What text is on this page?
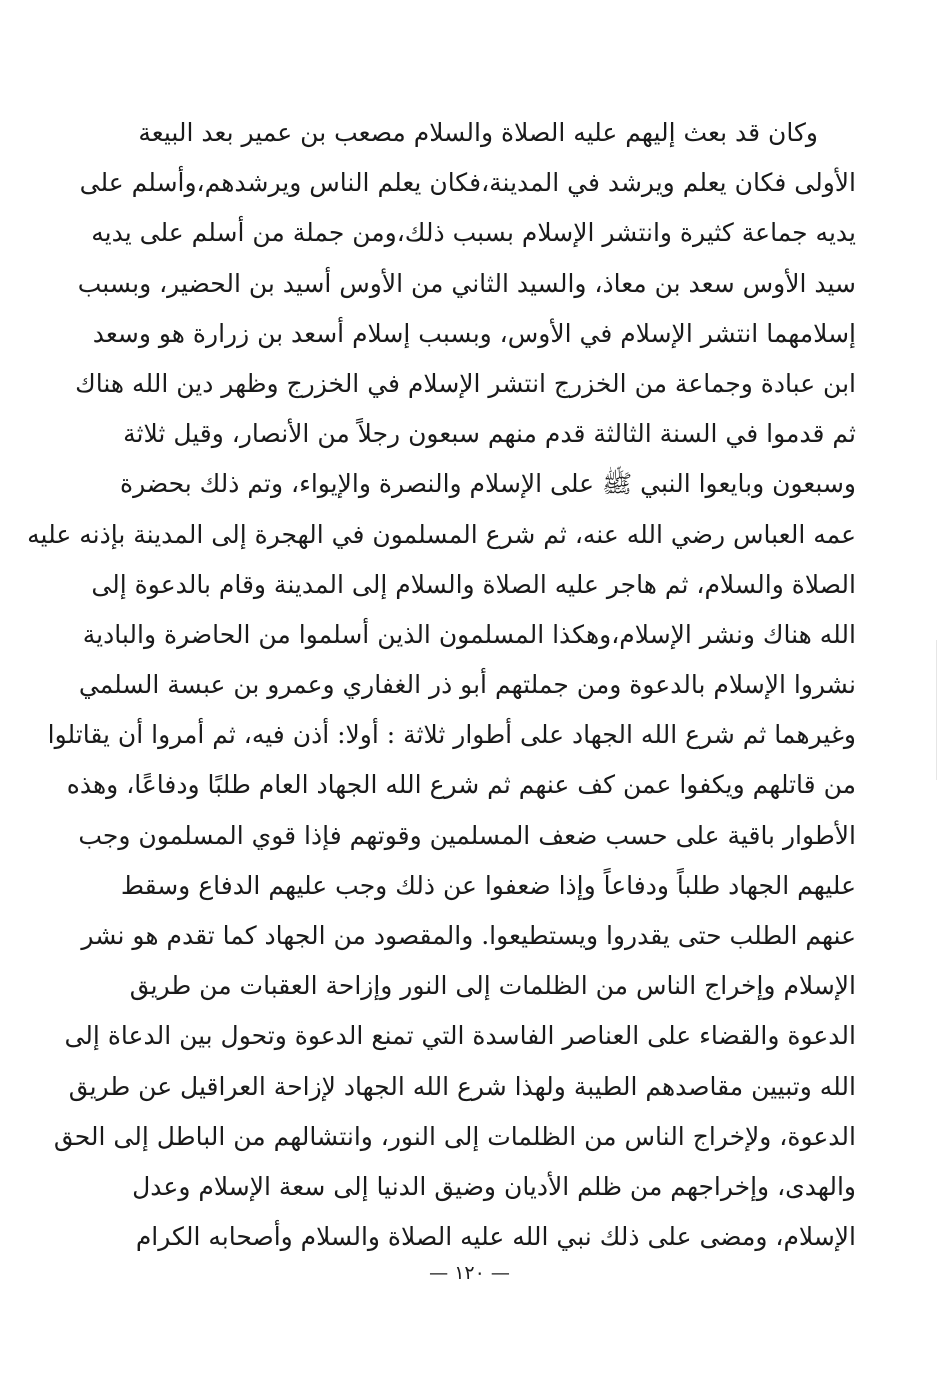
وكان قد بعث إليهم عليه الصلاة والسلام مصعب بن عمير بعد البيعة
الأولى فكان يعلم ويرشد في المدينة،فكان يعلم الناس ويرشدهم،وأسلم على
يديه جماعة كثيرة وانتشر الإسلام بسبب ذلك،ومن جملة من أسلم على يديه
سيد الأوس سعد بن معاذ، والسيد الثاني من الأوس أسيد بن الحضير، وبسبب
إسلامهما انتشر الإسلام في الأوس، وبسبب إسلام أسعد بن زرارة هو وسعد
ابن عبادة وجماعة من الخزرج انتشر الإسلام في الخزرج وظهر دين الله هناك
ثم قدموا في السنة الثالثة قدم منهم سبعون رجلاً من الأنصار، وقيل ثلاثة
وسبعون وبايعوا النبي ﷺ على الإسلام والنصرة والإيواء، وتم ذلك بحضرة
عمه العباس رضي الله عنه، ثم شرع المسلمون في الهجرة إلى المدينة بإذنه عليه
الصلاة والسلام، ثم هاجر عليه الصلاة والسلام إلى المدينة وقام بالدعوة إلى
الله هناك ونشر الإسلام،وهكذا المسلمون الذين أسلموا من الحاضرة والبادية
نشروا الإسلام بالدعوة ومن جملتهم أبو ذر الغفاري وعمرو بن عبسة السلمي
وغيرهما ثم شرع الله الجهاد على أطوار ثلاثة : أولا: أذن فيه، ثم أمروا أن يقاتلوا
من قاتلهم ويكفوا عمن كف عنهم ثم شرع الله الجهاد العام طلبًا ودفاعًا، وهذه
الأطوار باقية على حسب ضعف المسلمين وقوتهم فإذا قوي المسلمون وجب
عليهم الجهاد طلباً ودفاعاً وإذا ضعفوا عن ذلك وجب عليهم الدفاع وسقط
عنهم الطلب حتى يقدروا ويستطيعوا. والمقصود من الجهاد كما تقدم هو نشر
الإسلام وإخراج الناس من الظلمات إلى النور وإزاحة العقبات من طريق
الدعوة والقضاء على العناصر الفاسدة التي تمنع الدعوة وتحول بين الدعاة إلى
الله وتبيين مقاصدهم الطيبة ولهذا شرع الله الجهاد لإزاحة العراقيل عن طريق
الدعوة، ولإخراج الناس من الظلمات إلى النور، وانتشالهم من الباطل إلى الحق
والهدى، وإخراجهم من ظلم الأديان وضيق الدنيا إلى سعة الإسلام وعدل
الإسلام، ومضى على ذلك نبي الله عليه الصلاة والسلام وأصحابه الكرام
— ١٢٠ —
